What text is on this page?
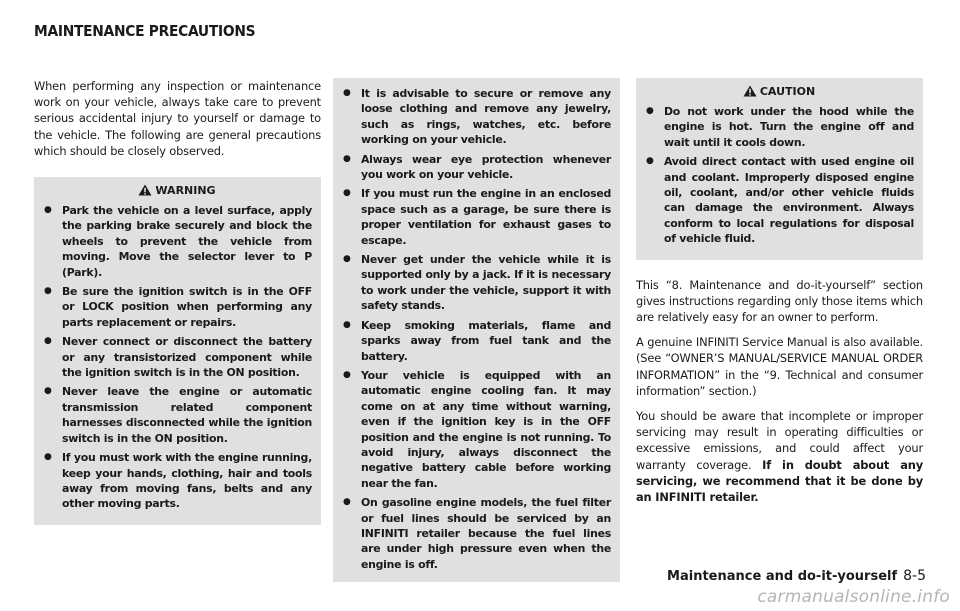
MAINTENANCE PRECAUTIONS

When performing any inspection or maintenance work on your vehicle, always take care to prevent serious accidental injury to yourself or damage to the vehicle. The following are general precautions which should be closely observed.

WARNING
● Park the vehicle on a level surface, apply the parking brake securely and block the wheels to prevent the vehicle from moving. Move the selector lever to P (Park).
● Be sure the ignition switch is in the OFF or LOCK position when performing any parts replacement or repairs.
● Never connect or disconnect the battery or any transistorized component while the ignition switch is in the ON position.
● Never leave the engine or automatic transmission related component harnesses disconnected while the ignition switch is in the ON position.
● If you must work with the engine running, keep your hands, clothing, hair and tools away from moving fans, belts and any other moving parts.
● It is advisable to secure or remove any loose clothing and remove any jewelry, such as rings, watches, etc. before working on your vehicle.
● Always wear eye protection whenever you work on your vehicle.
● If you must run the engine in an enclosed space such as a garage, be sure there is proper ventilation for exhaust gases to escape.
● Never get under the vehicle while it is supported only by a jack. If it is necessary to work under the vehicle, support it with safety stands.
● Keep smoking materials, flame and sparks away from fuel tank and the battery.
● Your vehicle is equipped with an automatic engine cooling fan. It may come on at any time without warning, even if the ignition key is in the OFF position and the engine is not running. To avoid injury, always disconnect the negative battery cable before working near the fan.
● On gasoline engine models, the fuel filter or fuel lines should be serviced by an INFINITI retailer because the fuel lines are under high pressure even when the engine is off.
CAUTION
● Do not work under the hood while the engine is hot. Turn the engine off and wait until it cools down.
● Avoid direct contact with used engine oil and coolant. Improperly disposed engine oil, coolant, and/or other vehicle fluids can damage the environment. Always conform to local regulations for disposal of vehicle fluid.

This “8. Maintenance and do-it-yourself” section gives instructions regarding only those items which are relatively easy for an owner to perform.

A genuine INFINITI Service Manual is also available. (See “OWNER’S MANUAL/SERVICE MANUAL ORDER INFORMATION” in the “9. Technical and consumer information” section.)

You should be aware that incomplete or improper servicing may result in operating difficulties or excessive emissions, and could affect your warranty coverage. If in doubt about any servicing, we recommend that it be done by an INFINITI retailer.

Maintenance and do-it-yourself 8-5
carmanualsonline.info
